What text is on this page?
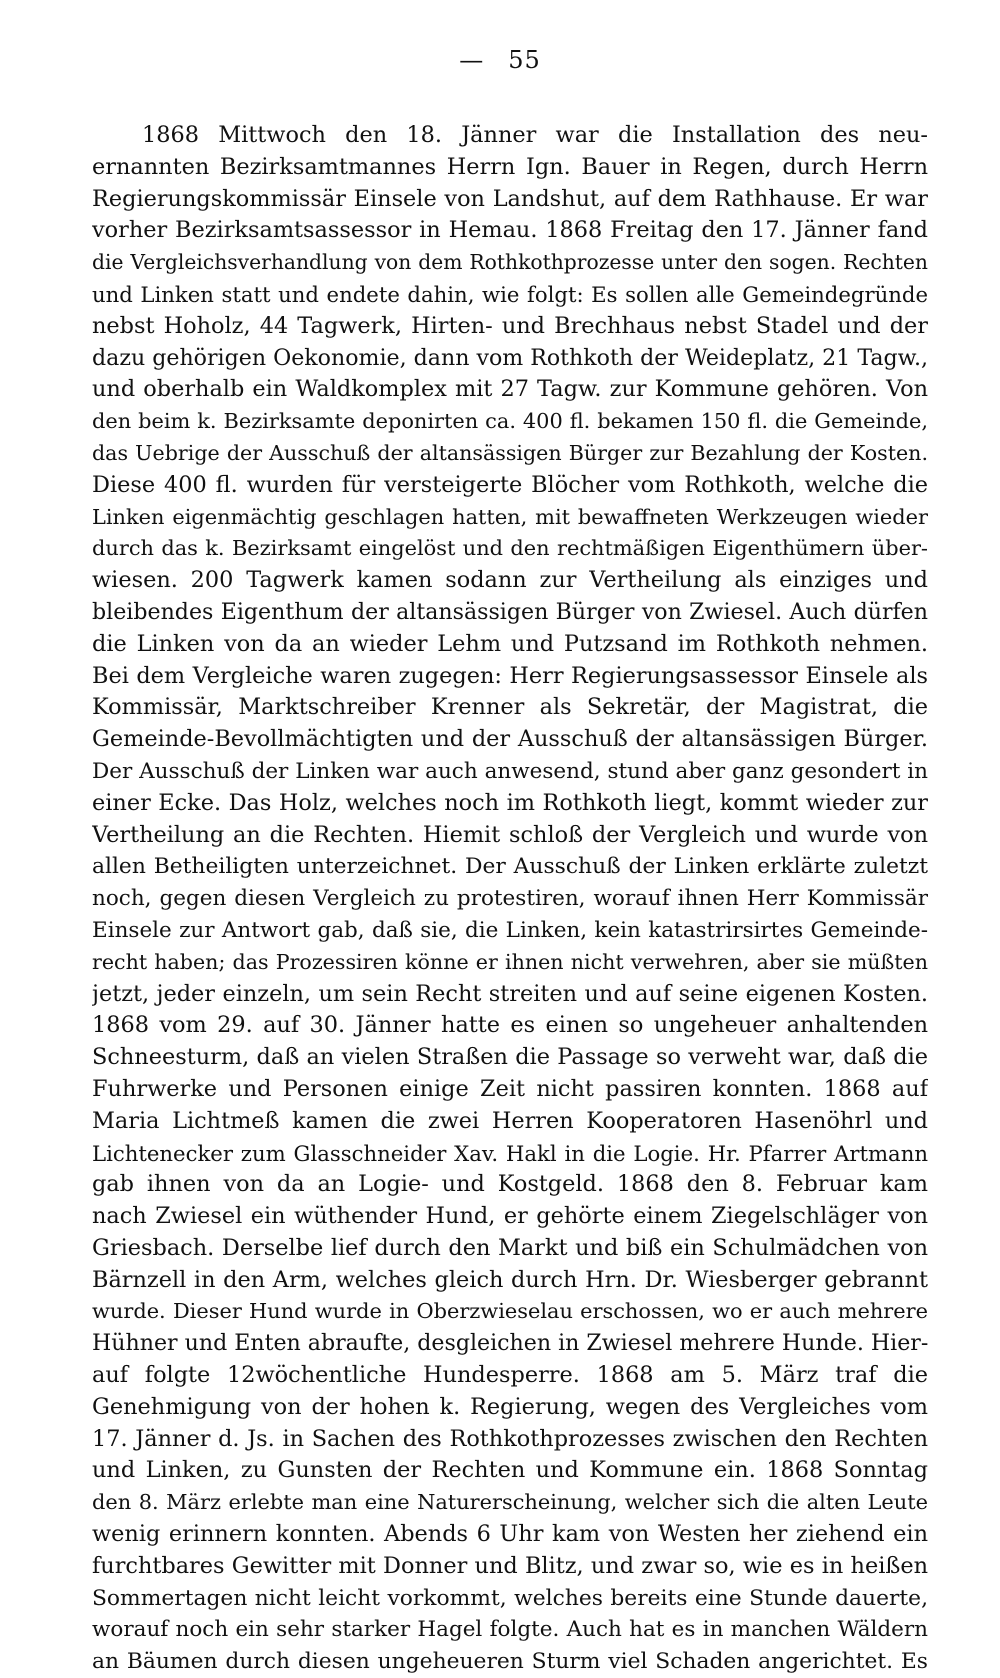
— 55
1868 Mittwoch den 18. Jänner war die Installation des neu-
ernannten Bezirksamtmannes Herrn Ign. Bauer in Regen, durch Herrn
Regierungskommissär Einsele von Landshut, auf dem Rathhause. Er war
vorher Bezirksamtsassessor in Hemau. 1868 Freitag den 17. Jänner fand
die Vergleichsverhandlung von dem Rothkothprozesse unter den sogen. Rechten
und Linken statt und endete dahin, wie folgt: Es sollen alle Gemeindegründe
nebst Hoholz, 44 Tagwerk, Hirten- und Brechhaus nebst Stadel und der
dazu gehörigen Oekonomie, dann vom Rothkoth der Weideplatz, 21 Tagw.,
und oberhalb ein Waldkomplex mit 27 Tagw. zur Kommune gehören. Von
den beim k. Bezirksamte deponirten ca. 400 fl. bekamen 150 fl. die Gemeinde,
das Uebrige der Ausschuß der altansässigen Bürger zur Bezahlung der Kosten.
Diese 400 fl. wurden für versteigerte Blöcher vom Rothkoth, welche die
Linken eigenmächtig geschlagen hatten, mit bewaffneten Werkzeugen wieder
durch das k. Bezirksamt eingelöst und den rechtmäßigen Eigenthümern über-
wiesen. 200 Tagwerk kamen sodann zur Vertheilung als einziges und
bleibendes Eigenthum der altansässigen Bürger von Zwiesel. Auch dürfen
die Linken von da an wieder Lehm und Putzsand im Rothkoth nehmen.
Bei dem Vergleiche waren zugegen: Herr Regierungsassessor Einsele als
Kommissär, Marktschreiber Krenner als Sekretär, der Magistrat, die
Gemeinde-Bevollmächtigten und der Ausschuß der altansässigen Bürger.
Der Ausschuß der Linken war auch anwesend, stund aber ganz gesondert in
einer Ecke. Das Holz, welches noch im Rothkoth liegt, kommt wieder zur
Vertheilung an die Rechten. Hiemit schloß der Vergleich und wurde von
allen Betheiligten unterzeichnet. Der Ausschuß der Linken erklärte zuletzt
noch, gegen diesen Vergleich zu protestiren, worauf ihnen Herr Kommissär
Einsele zur Antwort gab, daß sie, die Linken, kein katastrirsirtes Gemeinde-
recht haben; das Prozessiren könne er ihnen nicht verwehren, aber sie müßten
jetzt, jeder einzeln, um sein Recht streiten und auf seine eigenen Kosten.
1868 vom 29. auf 30. Jänner hatte es einen so ungeheuer anhaltenden
Schneesturm, daß an vielen Straßen die Passage so verweht war, daß die
Fuhrwerke und Personen einige Zeit nicht passiren konnten. 1868 auf
Maria Lichtmeß kamen die zwei Herren Kooperatoren Hasenöhrl und
Lichtenecker zum Glasschneider Xav. Hakl in die Logie. Hr. Pfarrer Artmann
gab ihnen von da an Logie- und Kostgeld. 1868 den 8. Februar kam
nach Zwiesel ein wüthender Hund, er gehörte einem Ziegelschläger von
Griesbach. Derselbe lief durch den Markt und biß ein Schulmädchen von
Bärnzell in den Arm, welches gleich durch Hrn. Dr. Wiesberger gebrannt
wurde. Dieser Hund wurde in Oberzwieselau erschossen, wo er auch mehrere
Hühner und Enten abraufte, desgleichen in Zwiesel mehrere Hunde. Hier-
auf folgte 12wöchentliche Hundesperre. 1868 am 5. März traf die
Genehmigung von der hohen k. Regierung, wegen des Vergleiches vom
17. Jänner d. Js. in Sachen des Rothkothprozesses zwischen den Rechten
und Linken, zu Gunsten der Rechten und Kommune ein. 1868 Sonntag
den 8. März erlebte man eine Naturerscheinung, welcher sich die alten Leute
wenig erinnern konnten. Abends 6 Uhr kam von Westen her ziehend ein
furchtbares Gewitter mit Donner und Blitz, und zwar so, wie es in heißen
Sommertagen nicht leicht vorkommt, welches bereits eine Stunde dauerte,
worauf noch ein sehr starker Hagel folgte. Auch hat es in manchen Wäldern
an Bäumen durch diesen ungeheueren Sturm viel Schaden angerichtet. Es
